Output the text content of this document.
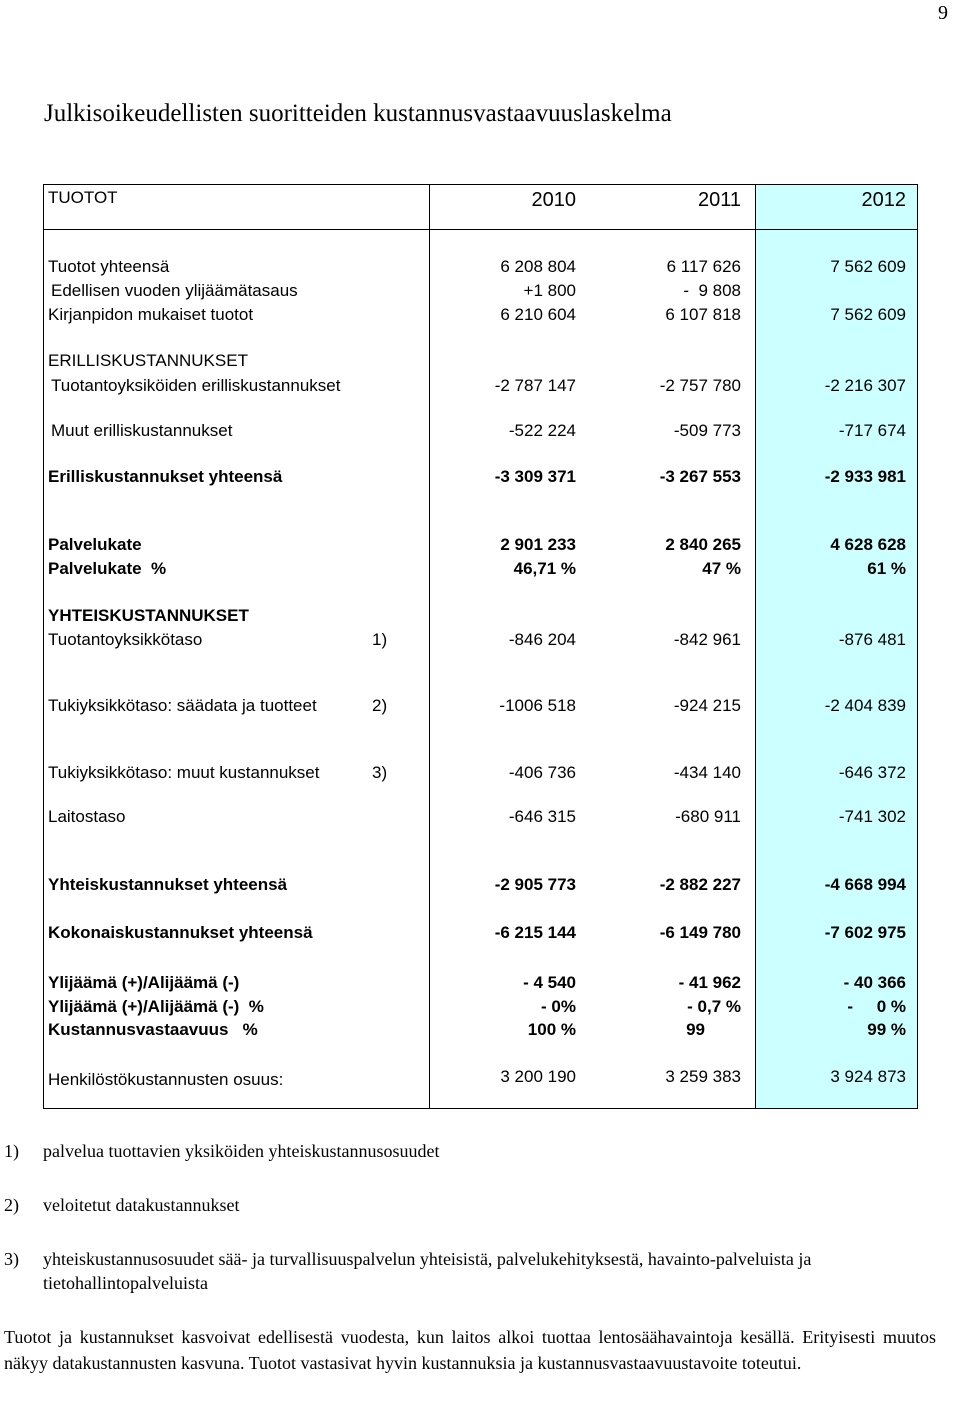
9
Julkisoikeudellisten suoritteiden kustannusvastaavuuslaskelma
TUOTOT	2010	2011	2012
Tuotot yhteensä	6 208 804	6 117 626	7 562 609
Edellisen vuoden ylijäämätasaus	+1 800	-  9 808
Kirjanpidon mukaiset tuotot	6 210 604	6 107 818	7 562 609
ERILLISKUSTANNUKSET
Tuotantoyksiköiden erilliskustannukset	-2 787 147	-2 757 780	-2 216 307
Muut erilliskustannukset	-522 224	-509 773	-717 674
Erilliskustannukset yhteensä	-3 309 371	-3 267 553	-2 933 981
Palvelukate	2 901 233	2 840 265	4 628 628
Palvelukate  %	46,71 %	47 %	61 %
YHTEISKUSTANNUKSET
Tuotantoyksikkötaso	1)	-846 204	-842 961	-876 481
Tukiyksikkötaso: säädata ja tuotteet	2)	-1006 518	-924 215	-2 404 839
Tukiyksikkötaso: muut kustannukset	3)	-406 736	-434 140	-646 372
Laitostaso	-646 315	-680 911	-741 302
Yhteiskustannukset yhteensä	-2 905 773	-2 882 227	-4 668 994
Kokonaiskustannukset yhteensä	-6 215 144	-6 149 780	-7 602 975
Ylijäämä (+)/Alijäämä (-)	- 4 540	- 41 962	- 40 366
Ylijäämä (+)/Alijäämä (-)  %	- 0%	- 0,7 %	-     0 %
Kustannusvastaavuus   %	100 %	99	99 %
Henkilöstökustannusten osuus:	3 200 190	3 259 383	3 924 873
1) palvelua tuottavien yksiköiden yhteiskustannusosuudet
2) veloitetut datakustannukset
3) yhteiskustannusosuudet sää- ja turvallisuuspalvelun yhteisistä, palvelukehityksestä, havainto-palveluista ja tietohallintopalveluista

Tuotot ja kustannukset kasvoivat edellisestä vuodesta, kun laitos alkoi tuottaa lentosäähavaintoja kesällä. Erityisesti muutos näkyy datakustannusten kasvuna. Tuotot vastasivat hyvin kustannuksia ja kustannusvastaavuustavoite toteutui.
